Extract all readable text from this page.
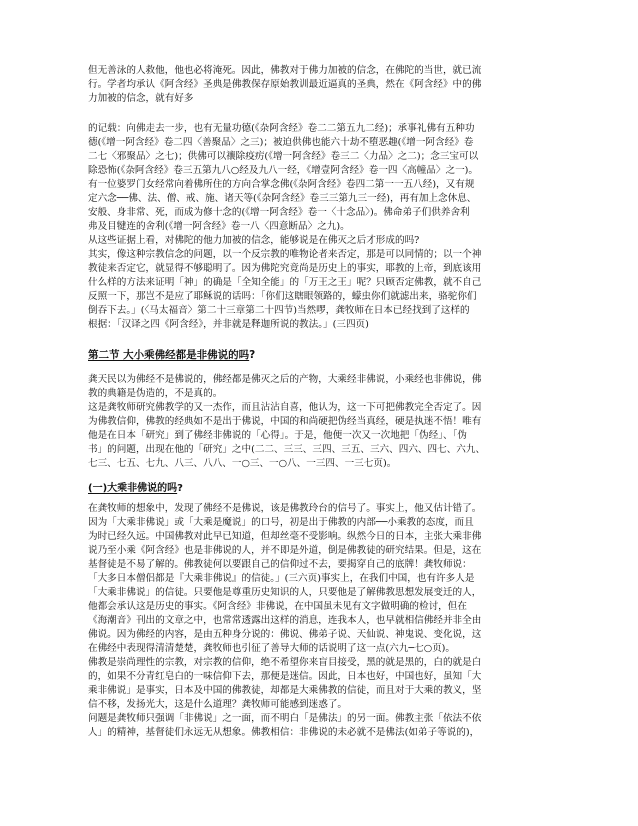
但无善泳的人救他，他也必将淹死。因此，佛教对于佛力加被的信念，在佛陀的当世，就已流
行。学者均承认《阿含经》圣典是佛教保存原始教训最近逼真的圣典，然在《阿含经》中的佛
力加被的信念，就有好多

的记载：向佛走去一步，也有无量功德(《杂阿含经》卷二二第五九二经)；承事礼佛有五种功
德(《增一阿含经》卷二四〈善聚品〉之三)；被迫供佛也能六十劫不堕恶趣(《增一阿含经》卷
二七〈邪聚品〉之七)；供佛可以禳除疫疠(《增一阿含经》卷三二〈力品〉之二)；念三宝可以
除恐怖(《杂阿含经》卷三五第九八○经及九八一经，《增壹阿含经》卷一四〈高幢品〉之一)。
有一位婆罗门女经常向着佛所住的方向合掌念佛(《杂阿含经》卷四二第一一五八经)，又有规
定六念──佛、法、僧、戒、施、诸天等(《杂阿含经》卷三三第九三一经)，再有加上念休息、
安般、身非常、死，而成为修十念的(《增一阿含经》卷一〈十念品〉)。佛命弟子们供养舍利
弗及目犍连的舍利(《增一阿含经》卷一八〈四意断品〉之九)。
从这些证据上看，对佛陀的他力加被的信念，能够说是在佛灭之后才形成的吗?
其实，像这种宗教信念的问题，以一个反宗教的唯物论者来否定，那是可以同情的；以一个神
教徒来否定它，就显得不够聪明了。因为佛陀究竟尚是历史上的事实，耶教的上帝，到底该用
什么样的方法来证明「神」的确是「全知全能」的「万王之王」呢？只顾否定佛教，就不自己
反照一下，那岂不是应了耶稣说的话吗：「你们这瞎眼领路的，蠓虫你们就滤出来，骆驼你们
倒吞下去。」(〈马太福音〉第二十三章第二十四节)当然啰，龚牧师在日本已经找到了这样的
根据：「汉译之四《阿含经》，并非就是释迦所说的教法。」(三四页)

第二节 大小乘佛经都是非佛说的吗?

龚天民以为佛经不是佛说的，佛经都是佛灭之后的产物，大乘经非佛说，小乘经也非佛说，佛
教的典籍是伪造的，不是真的。
这是龚牧师研究佛教学的又一杰作，而且沾沾自喜，他认为，这一下可把佛教完全否定了。因
为佛教信仰，佛教的经典如不是出于佛说，中国的和尚硬把伪经当真经，硬是执迷不悟！唯有
他是在日本「研究」到了佛经非佛说的「心得」。于是，他便一次又一次地把「伪经」、「伪
书」的问题，出现在他的「研究」之中(二二、三三、三四、三五、三六、四六、四七、六九、
七三、七五、七九、八三、八八、一○三、一○八、一三四、一三七页)。

(一)大乘非佛说的吗?

在龚牧师的想象中，发现了佛经不是佛说，该是佛教玲台的信号了。事实上，他又估计错了。
因为「大乘非佛说」或「大乘是魔说」的口号，初是出于佛教的内部──小乘教的态度，而且
为时已经久远。中国佛教对此早已知道，但却丝毫不受影响。纵然今日的日本，主张大乘非佛
说乃至小乘《阿含经》也是非佛说的人，并不即是外道，倒是佛教徒的研究结果。但是，这在
基督徒是不易了解的。佛教徒何以要跟自己的信仰过不去，要揭穿自己的底牌！龚牧师说：
「大多日本僧侣都是『大乘非佛说』的信徒。」(三六页)事实上，在我们中国，也有许多人是
「大乘非佛说」的信徒。只要他是尊重历史知识的人，只要他是了解佛教思想发展变迁的人，
他都会承认这是历史的事实。《阿含经》非佛说，在中国虽未见有文字做明确的检讨，但在
《海潮音》刊出的文章之中，也常常透露出这样的消息，连我本人，也早就相信佛经并非全由
佛说。因为佛经的内容，是由五种身分说的：佛说、佛弟子说、天仙说、神鬼说、变化说，这
在佛经中表现得清清楚楚，龚牧师也引征了善导大师的话说明了这一点(六九─七○页)。
佛教是崇尚理性的宗教，对宗教的信仰，绝不希望你来盲目接受，黑的就是黑的，白的就是白
的，如果不分青红皂白的一味信仰下去，那便是迷信。因此，日本也好，中国也好，虽知「大
乘非佛说」是事实，日本及中国的佛教徒，却都是大乘佛教的信徒，而且对于大乘的教义，坚
信不移，发扬光大，这是什么道理？龚牧师可能感到迷惑了。
问题是龚牧师只强调「非佛说」之一面，而不明白「是佛法」的另一面。佛教主张「依法不依
人」的精神，基督徒们永远无从想象。佛教相信：非佛说的未必就不是佛法(如弟子等说的)，
